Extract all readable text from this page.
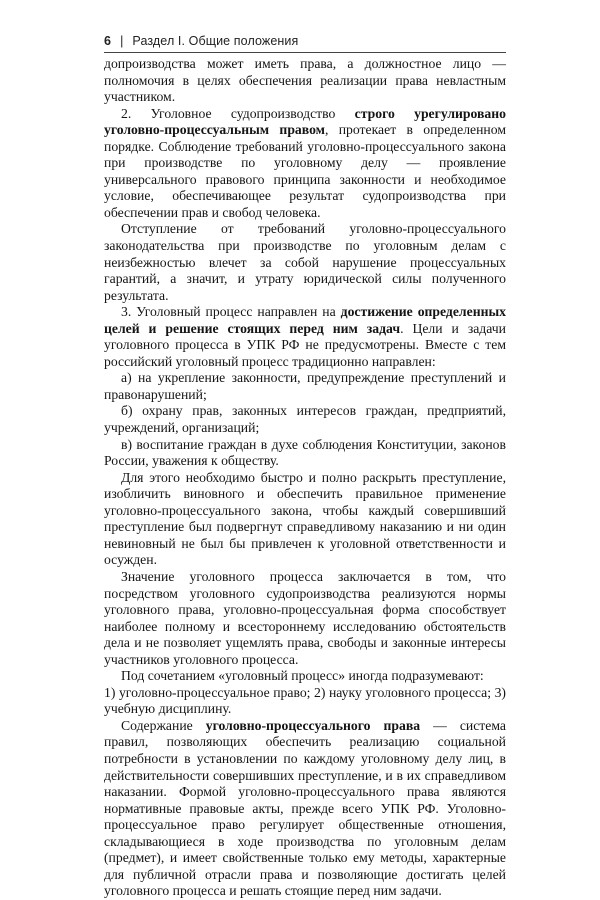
6 | Раздел I. Общие положения

допроизводства может иметь права, а должностное лицо — полномочия в целях обеспечения реализации права невластным участником.

2. Уголовное судопроизводство строго урегулировано уголовно-процессуальным правом, протекает в определенном порядке. Соблюдение требований уголовно-процессуального закона при производстве по уголовному делу — проявление универсального правового принципа законности и необходимое условие, обеспечивающее результат судопроизводства при обеспечении прав и свобод человека.

Отступление от требований уголовно-процессуального законодательства при производстве по уголовным делам с неизбежностью влечет за собой нарушение процессуальных гарантий, а значит, и утрату юридической силы полученного результата.

3. Уголовный процесс направлен на достижение определенных целей и решение стоящих перед ним задач. Цели и задачи уголовного процесса в УПК РФ не предусмотрены. Вместе с тем российский уголовный процесс традиционно направлен:

а) на укрепление законности, предупреждение преступлений и правонарушений;

б) охрану прав, законных интересов граждан, предприятий, учреждений, организаций;

в) воспитание граждан в духе соблюдения Конституции, законов России, уважения к обществу.

Для этого необходимо быстро и полно раскрыть преступление, изобличить виновного и обеспечить правильное применение уголовно-процессуального закона, чтобы каждый совершивший преступление был подвергнут справедливому наказанию и ни один невиновный не был бы привлечен к уголовной ответственности и осужден.

Значение уголовного процесса заключается в том, что посредством уголовного судопроизводства реализуются нормы уголовного права, уголовно-процессуальная форма способствует наиболее полному и всестороннему исследованию обстоятельств дела и не позволяет ущемлять права, свободы и законные интересы участников уголовного процесса.

Под сочетанием «уголовный процесс» иногда подразумевают:

1) уголовно-процессуальное право; 2) науку уголовного процесса; 3) учебную дисциплину.

Содержание уголовно-процессуального права — система правил, позволяющих обеспечить реализацию социальной потребности в установлении по каждому уголовному делу лиц, в действительности совершивших преступление, и в их справедливом наказании. Формой уголовно-процессуального права являются нормативные правовые акты, прежде всего УПК РФ. Уголовно-процессуальное право регулирует общественные отношения, складывающиеся в ходе производства по уголовным делам (предмет), и имеет свойственные только ему методы, характерные для публичной отрасли права и позволяющие достигать целей уголовного процесса и решать стоящие перед ним задачи.
